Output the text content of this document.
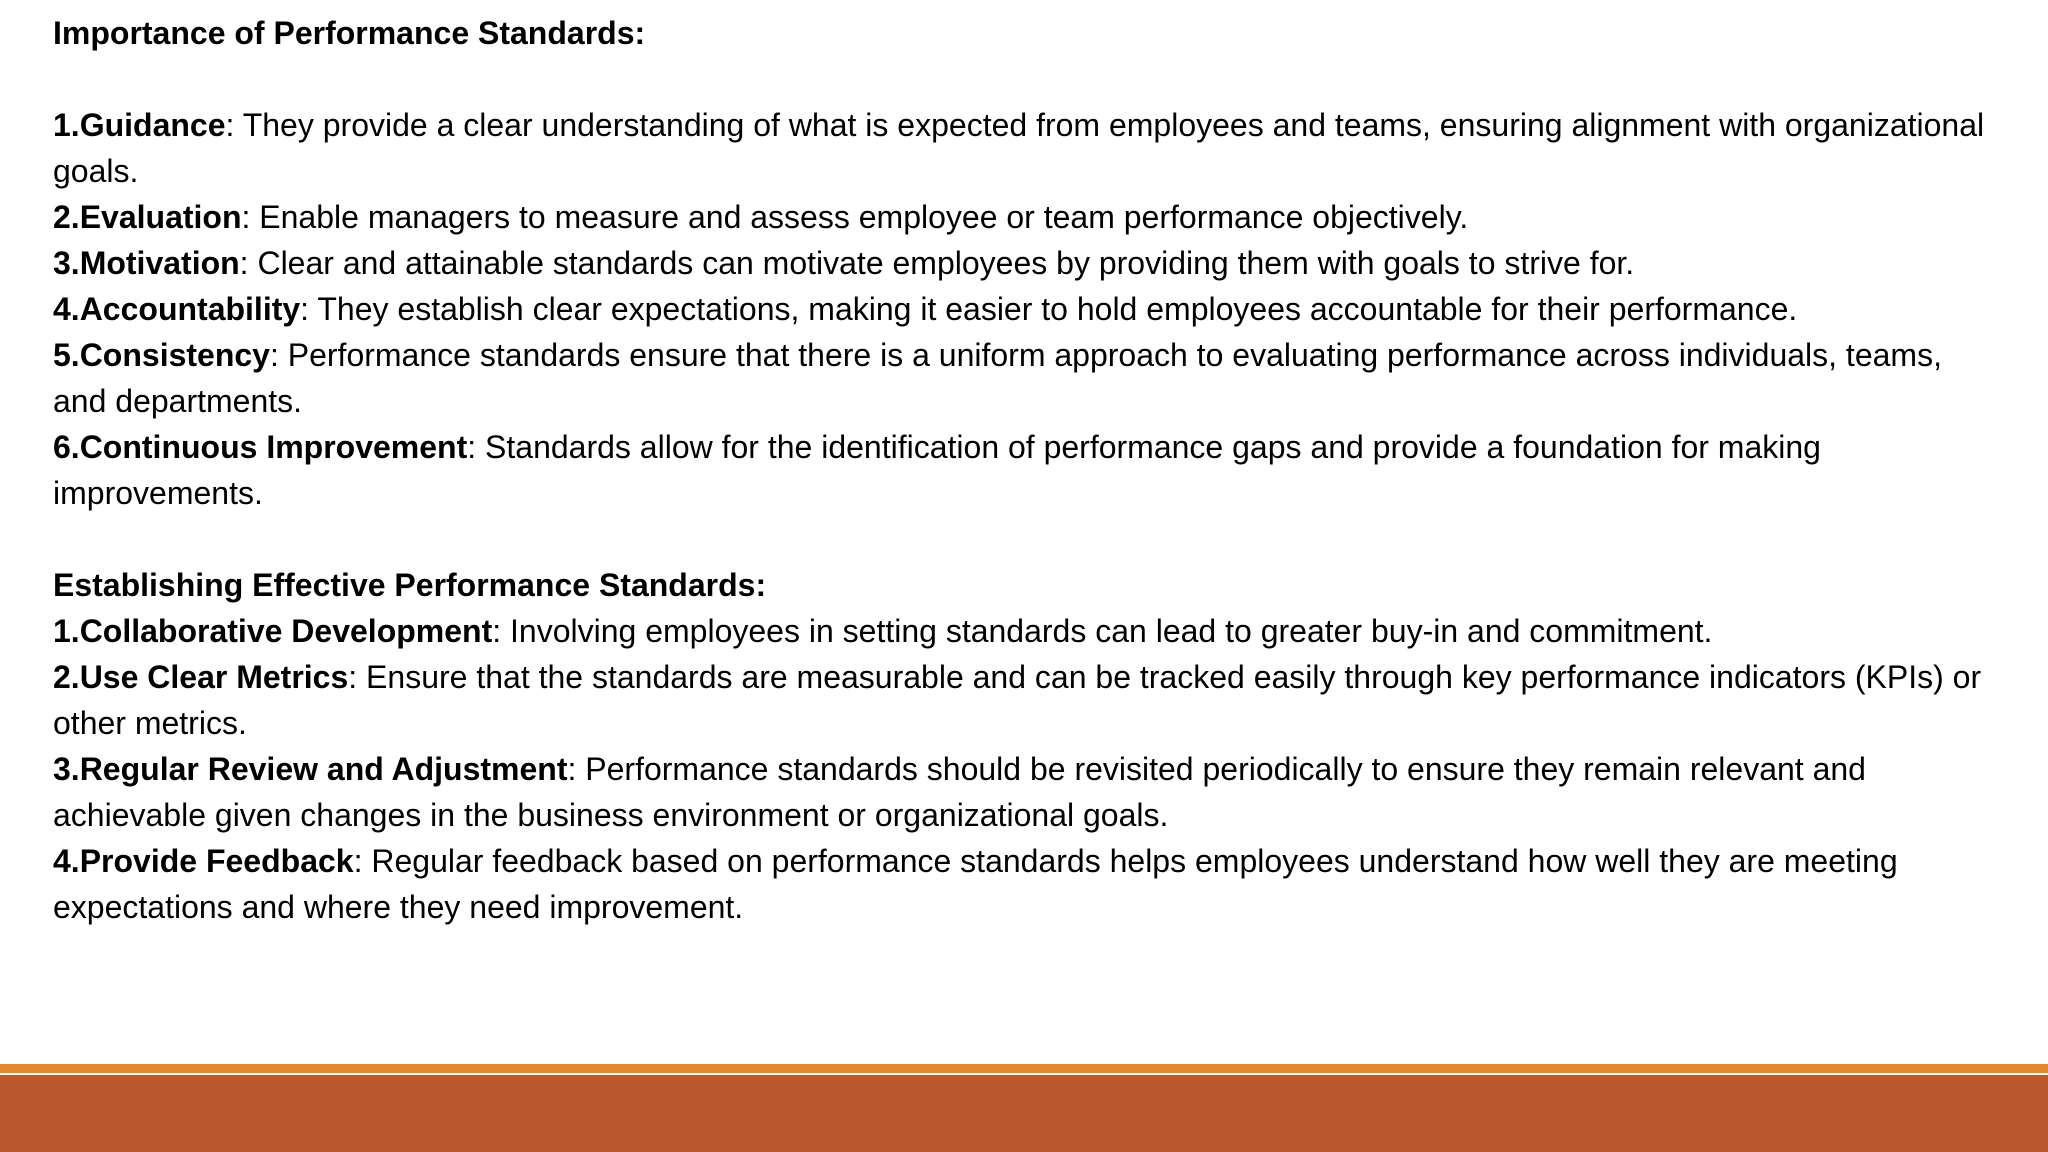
Importance of Performance Standards:

1.Guidance: They provide a clear understanding of what is expected from employees and teams, ensuring alignment with organizational goals.
2.Evaluation: Enable managers to measure and assess employee or team performance objectively.
3.Motivation: Clear and attainable standards can motivate employees by providing them with goals to strive for.
4.Accountability: They establish clear expectations, making it easier to hold employees accountable for their performance.
5.Consistency: Performance standards ensure that there is a uniform approach to evaluating performance across individuals, teams, and departments.
6.Continuous Improvement: Standards allow for the identification of performance gaps and provide a foundation for making improvements.

Establishing Effective Performance Standards:

1.Collaborative Development: Involving employees in setting standards can lead to greater buy-in and commitment.
2.Use Clear Metrics: Ensure that the standards are measurable and can be tracked easily through key performance indicators (KPIs) or other metrics.
3.Regular Review and Adjustment: Performance standards should be revisited periodically to ensure they remain relevant and achievable given changes in the business environment or organizational goals.
4.Provide Feedback: Regular feedback based on performance standards helps employees understand how well they are meeting expectations and where they need improvement.
